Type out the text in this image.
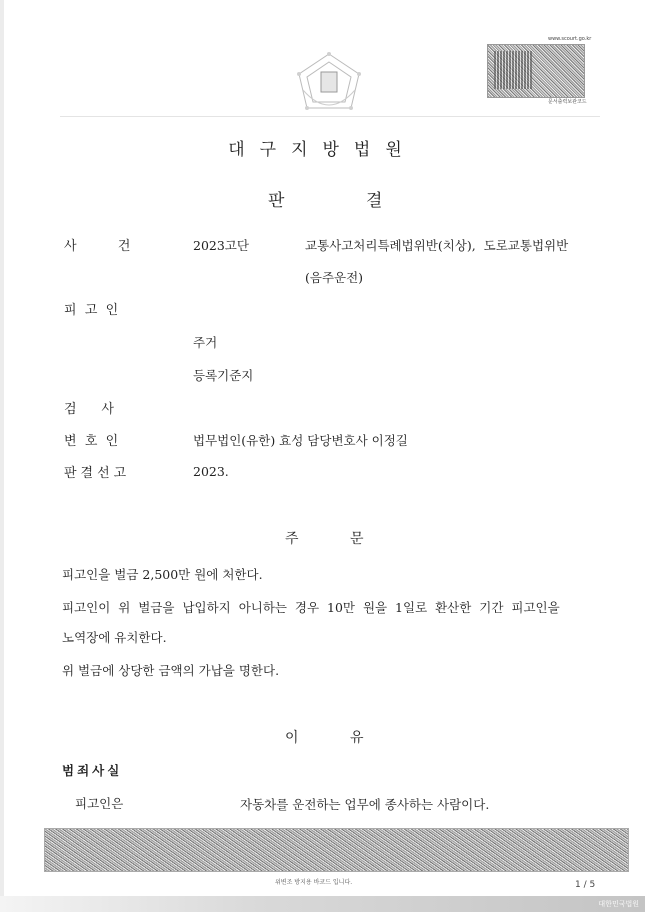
www.scourt.go.kr
문서출력보관코드
대구지방법원
판	결
사          건	2023고단	교통사고처리특례법위반(치상),  도로교통법위반
(음주운전)
피  고  인
주거
등록기준지
검      사
변  호  인	법무법인(유한) 효성 담당변호사 이정길
판결선고	2023.
주	문
피고인을 벌금 2,500만 원에 처한다.
피고인이  위  벌금을  납입하지  아니하는  경우  10만  원을  1일로  환산한  기간  피고인을
노역장에 유치한다.
위 벌금에 상당한 금액의 가납을 명한다.
이	유
범죄사실
피고인은	자동차를 운전하는 업무에 종사하는 사람이다.
위변조 방지용 바코드 입니다.	1 / 5
대한민국법원
